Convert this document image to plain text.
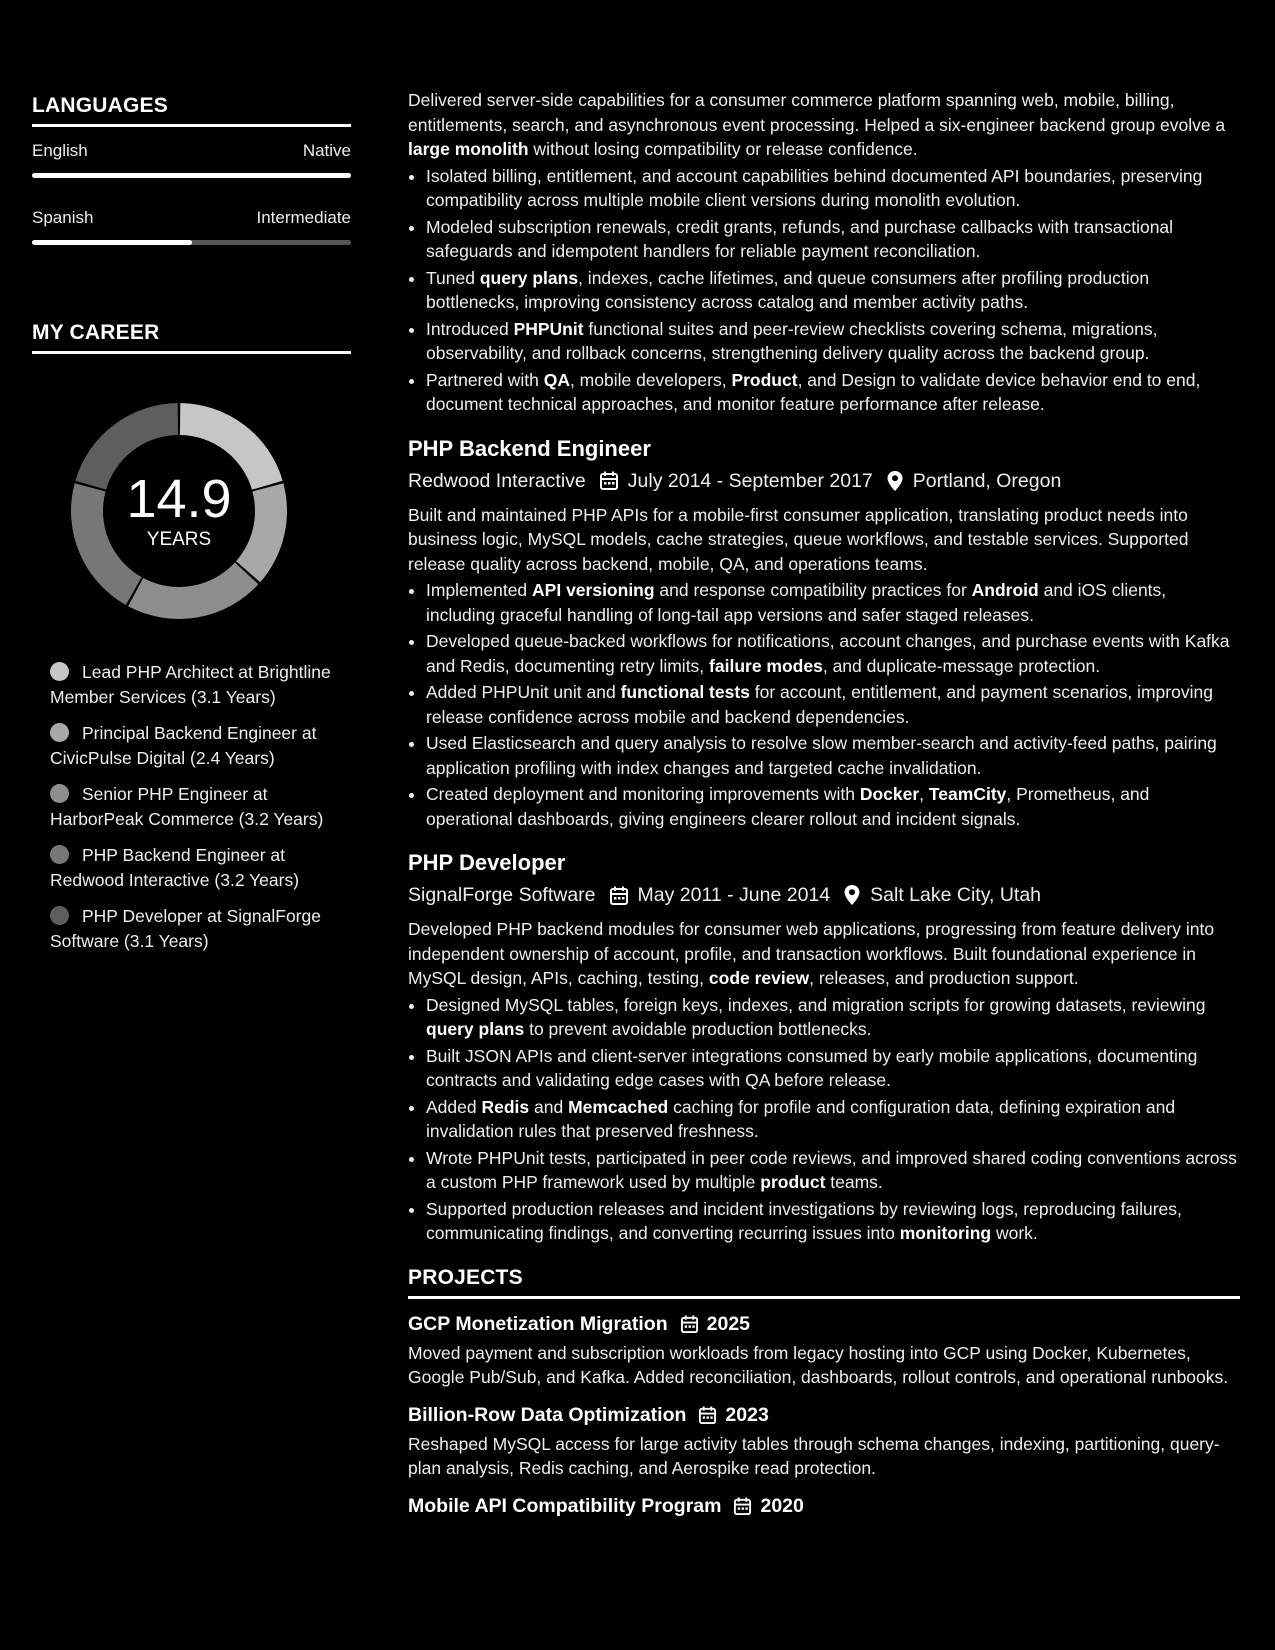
LANGUAGES
English	Native
Spanish	Intermediate
MY CAREER
14.9
YEARS
Lead PHP Architect at Brightline Member Services (3.1 Years)
Principal Backend Engineer at CivicPulse Digital (2.4 Years)
Senior PHP Engineer at HarborPeak Commerce (3.2 Years)
PHP Backend Engineer at Redwood Interactive (3.2 Years)
PHP Developer at SignalForge Software (3.1 Years)

Delivered server-side capabilities for a consumer commerce platform spanning web, mobile, billing, entitlements, search, and asynchronous event processing. Helped a six-engineer backend group evolve a large monolith without losing compatibility or release confidence.

• Isolated billing, entitlement, and account capabilities behind documented API boundaries, preserving compatibility across multiple mobile client versions during monolith evolution.
• Modeled subscription renewals, credit grants, refunds, and purchase callbacks with transactional safeguards and idempotent handlers for reliable payment reconciliation.
• Tuned query plans, indexes, cache lifetimes, and queue consumers after profiling production bottlenecks, improving consistency across catalog and member activity paths.
• Introduced PHPUnit functional suites and peer-review checklists covering schema, migrations, observability, and rollback concerns, strengthening delivery quality across the backend group.
• Partnered with QA, mobile developers, Product, and Design to validate device behavior end to end, document technical approaches, and monitor feature performance after release.
PHP Backend Engineer
Redwood Interactive July 2014 - September 2017 Portland, Oregon

Built and maintained PHP APIs for a mobile-first consumer application, translating product needs into business logic, MySQL models, cache strategies, queue workflows, and testable services. Supported release quality across backend, mobile, QA, and operations teams.

• Implemented API versioning and response compatibility practices for Android and iOS clients, including graceful handling of long-tail app versions and safer staged releases.
• Developed queue-backed workflows for notifications, account changes, and purchase events with Kafka and Redis, documenting retry limits, failure modes, and duplicate-message protection.
• Added PHPUnit unit and functional tests for account, entitlement, and payment scenarios, improving release confidence across mobile and backend dependencies.
• Used Elasticsearch and query analysis to resolve slow member-search and activity-feed paths, pairing application profiling with index changes and targeted cache invalidation.
• Created deployment and monitoring improvements with Docker, TeamCity, Prometheus, and operational dashboards, giving engineers clearer rollout and incident signals.
PHP Developer
SignalForge Software May 2011 - June 2014 Salt Lake City, Utah

Developed PHP backend modules for consumer web applications, progressing from feature delivery into independent ownership of account, profile, and transaction workflows. Built foundational experience in MySQL design, APIs, caching, testing, code review, releases, and production support.

• Designed MySQL tables, foreign keys, indexes, and migration scripts for growing datasets, reviewing query plans to prevent avoidable production bottlenecks.
• Built JSON APIs and client-server integrations consumed by early mobile applications, documenting contracts and validating edge cases with QA before release.
• Added Redis and Memcached caching for profile and configuration data, defining expiration and invalidation rules that preserved freshness.
• Wrote PHPUnit tests, participated in peer code reviews, and improved shared coding conventions across a custom PHP framework used by multiple product teams.
• Supported production releases and incident investigations by reviewing logs, reproducing failures, communicating findings, and converting recurring issues into monitoring work.
PROJECTS
GCP Monetization Migration 2025

Moved payment and subscription workloads from legacy hosting into GCP using Docker, Kubernetes, Google Pub/Sub, and Kafka. Added reconciliation, dashboards, rollout controls, and operational runbooks.

Billion-Row Data Optimization 2023

Reshaped MySQL access for large activity tables through schema changes, indexing, partitioning, query-plan analysis, Redis caching, and Aerospike read protection.

Mobile API Compatibility Program 2020
